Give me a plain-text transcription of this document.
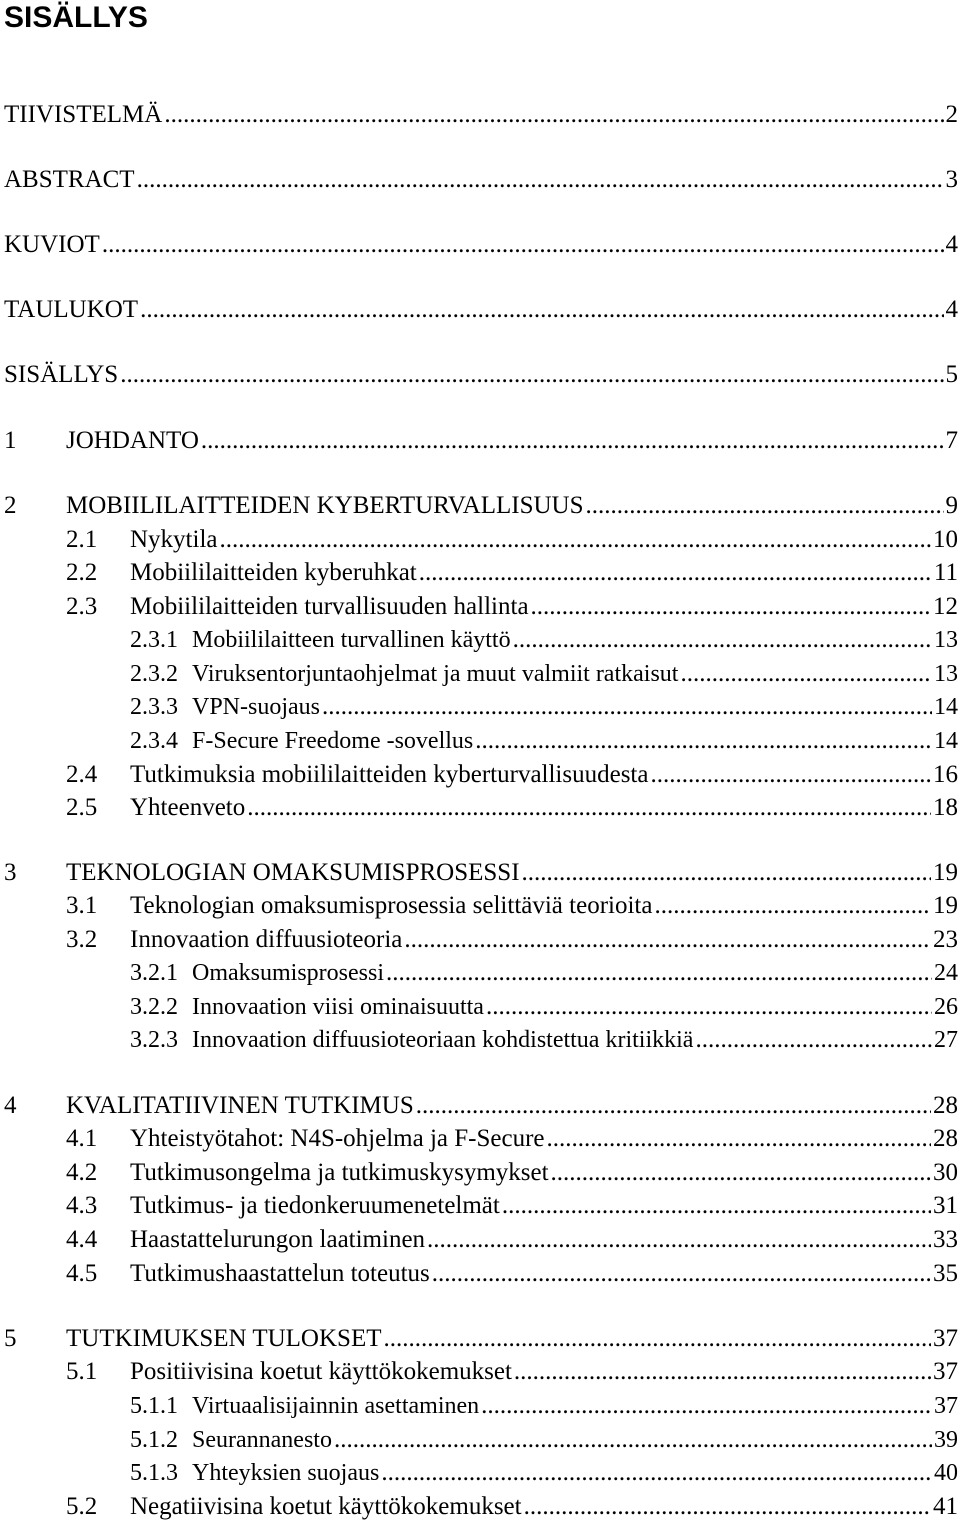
SISÄLLYS
TIIVISTELMÄ .....	2
ABSTRACT .....	3
KUVIOT .....	4
TAULUKOT .....	4
SISÄLLYS .....	5
1	JOHDANTO .....	7
2	MOBIILILAITTEIDEN KYBERTURVALLISUUS .....	9
2.1	Nykytila .....	10
2.2	Mobiililaitteiden kyberuhkat .....	11
2.3	Mobiililaitteiden turvallisuuden hallinta .....	12
2.3.1 Mobiililaitteen turvallinen käyttö .....	13
2.3.2 Viruksentorjuntaohjelmat ja muut valmiit ratkaisut .....	13
2.3.3 VPN-suojaus .....	14
2.3.4 F-Secure Freedome -sovellus .....	14
2.4	Tutkimuksia mobiililaitteiden kyberturvallisuudesta .....	16
2.5	Yhteenveto .....	18
3	TEKNOLOGIAN OMAKSUMISPROSESSI .....	19
3.1	Teknologian omaksumisprosessia selittäviä teorioita .....	19
3.2	Innovaation diffuusioteoria .....	23
3.2.1 Omaksumisprosessi .....	24
3.2.2 Innovaation viisi ominaisuutta .....	26
3.2.3 Innovaation diffuusioteoriaan kohdistettua kritiikkiä .....	27
4	KVALITATIIVINEN TUTKIMUS .....	28
4.1	Yhteistyötahot: N4S-ohjelma ja F-Secure .....	28
4.2	Tutkimusongelma ja tutkimuskysymykset .....	30
4.3	Tutkimus- ja tiedonkeruumenetelmät .....	31
4.4	Haastattelurungon laatiminen .....	33
4.5	Tutkimushaastattelun toteutus .....	35
5	TUTKIMUKSEN TULOKSET .....	37
5.1	Positiivisina koetut käyttökokemukset .....	37
5.1.1 Virtuaalisijainnin asettaminen .....	37
5.1.2 Seurannanesto .....	39
5.1.3 Yhteyksien suojaus .....	40
5.2	Negatiivisina koetut käyttökokemukset .....	41
